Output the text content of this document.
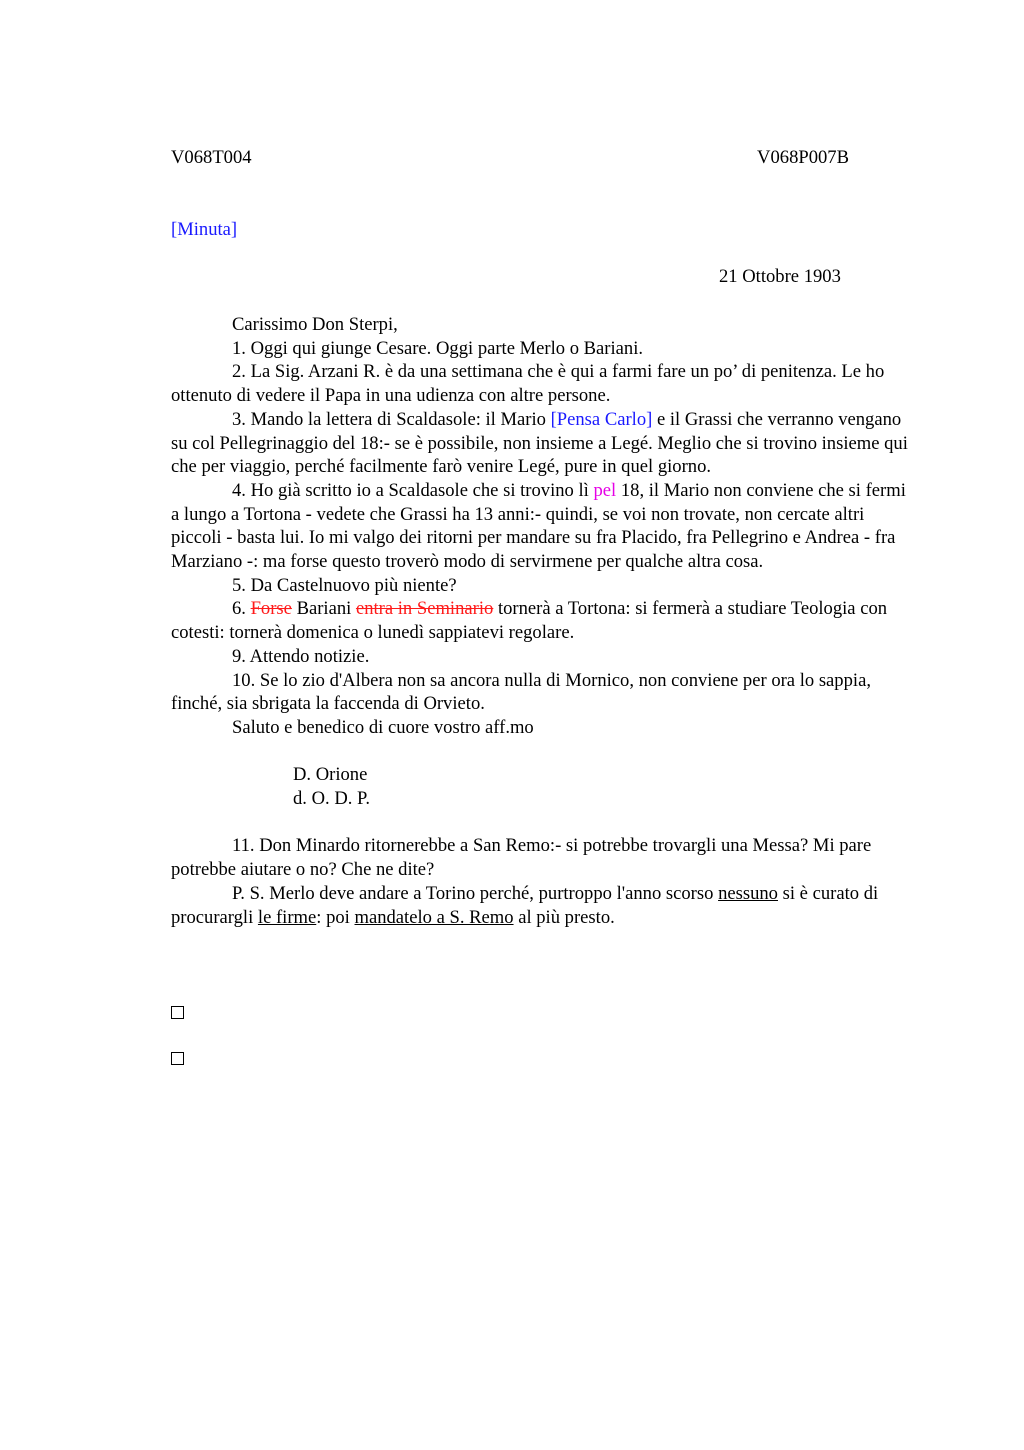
V068T004	V068P007B
[Minuta]
21 Ottobre 1903

Carissimo Don Sterpi,

1. Oggi qui giunge Cesare. Oggi parte Merlo o Bariani.

2. La Sig. Arzani R. è da una settimana che è qui a farmi fare un po’ di penitenza. Le ho ottenuto di vedere il Papa in una udienza con altre persone.

3. Mando la lettera di Scaldasole: il Mario [Pensa Carlo] e il Grassi che verranno vengano su col Pellegrinaggio del 18:- se è possibile, non insieme a Legé. Meglio che si trovino insieme qui che per viaggio, perché facilmente farò venire Legé, pure in quel giorno.

4. Ho già scritto io a Scaldasole che si trovino lì pel 18, il Mario non conviene che si fermi a lungo a Tortona - vedete che Grassi ha 13 anni:- quindi, se voi non trovate, non cercate altri piccoli - basta lui. Io mi valgo dei ritorni per mandare su fra Placido, fra Pellegrino e Andrea - fra Marziano -: ma forse questo troverò modo di servirmene per qualche altra cosa.

5. Da Castelnuovo più niente?

6. Forse Bariani entra in Seminario tornerà a Tortona: si fermerà a studiare Teologia con cotesti: tornerà domenica o lunedì sappiatevi regolare.

9. Attendo notizie.

10. Se lo zio d'Albera non sa ancora nulla di Mornico, non conviene per ora lo sappia, finché, sia sbrigata la faccenda di Orvieto.

Saluto e benedico di cuore vostro aff.mo

D. Orione

d. O. D. P.

11. Don Minardo ritornerebbe a San Remo:- si potrebbe trovargli una Messa? Mi pare potrebbe aiutare o no? Che ne dite?

P. S. Merlo deve andare a Torino perché, purtroppo l'anno scorso nessuno si è curato di procurargli le firme: poi mandatelo a S. Remo al più presto.
